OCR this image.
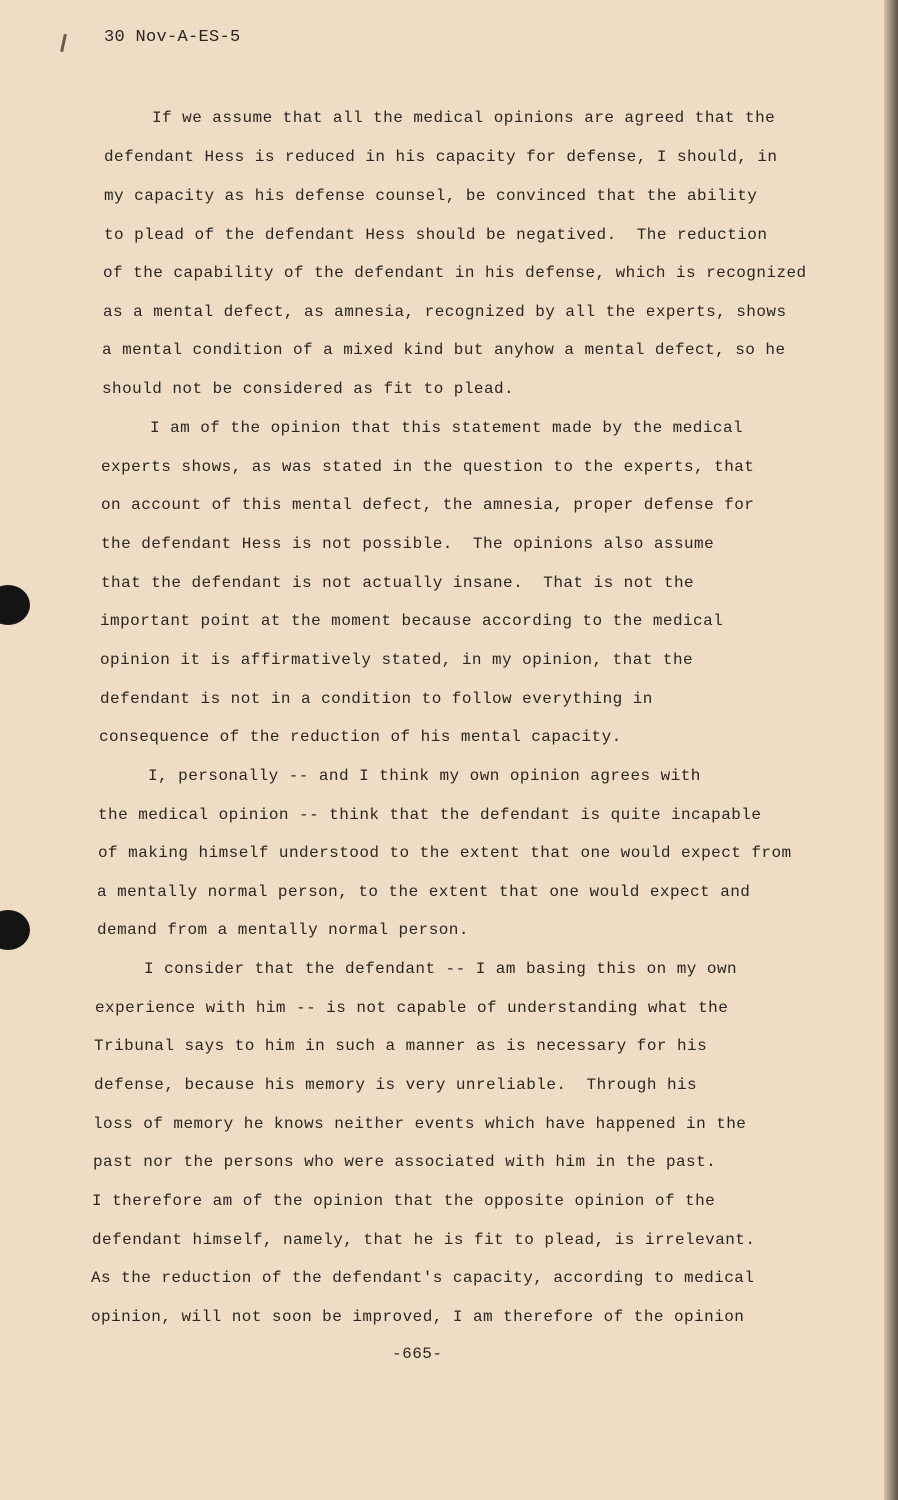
30 Nov-A-ES-5

If we assume that all the medical opinions are agreed that the

defendant Hess is reduced in his capacity for defense, I should, in

my capacity as his defense counsel, be convinced that the ability

to plead of the defendant Hess should be negatived.  The reduction

of the capability of the defendant in his defense, which is recognized

as a mental defect, as amnesia, recognized by all the experts, shows

a mental condition of a mixed kind but anyhow a mental defect, so he

should not be considered as fit to plead.

I am of the opinion that this statement made by the medical

experts shows, as was stated in the question to the experts, that

on account of this mental defect, the amnesia, proper defense for

the defendant Hess is not possible.  The opinions also assume

that the defendant is not actually insane.  That is not the

important point at the moment because according to the medical

opinion it is affirmatively stated, in my opinion, that the

defendant is not in a condition to follow everything in

consequence of the reduction of his mental capacity.

I, personally -- and I think my own opinion agrees with

the medical opinion -- think that the defendant is quite incapable

of making himself understood to the extent that one would expect from

a mentally normal person, to the extent that one would expect and

demand from a mentally normal person.

I consider that the defendant -- I am basing this on my own

experience with him -- is not capable of understanding what the

Tribunal says to him in such a manner as is necessary for his

defense, because his memory is very unreliable.  Through his

loss of memory he knows neither events which have happened in the

past nor the persons who were associated with him in the past.

I therefore am of the opinion that the opposite opinion of the

defendant himself, namely, that he is fit to plead, is irrelevant.

As the reduction of the defendant's capacity, according to medical

opinion, will not soon be improved, I am therefore of the opinion

-665-
